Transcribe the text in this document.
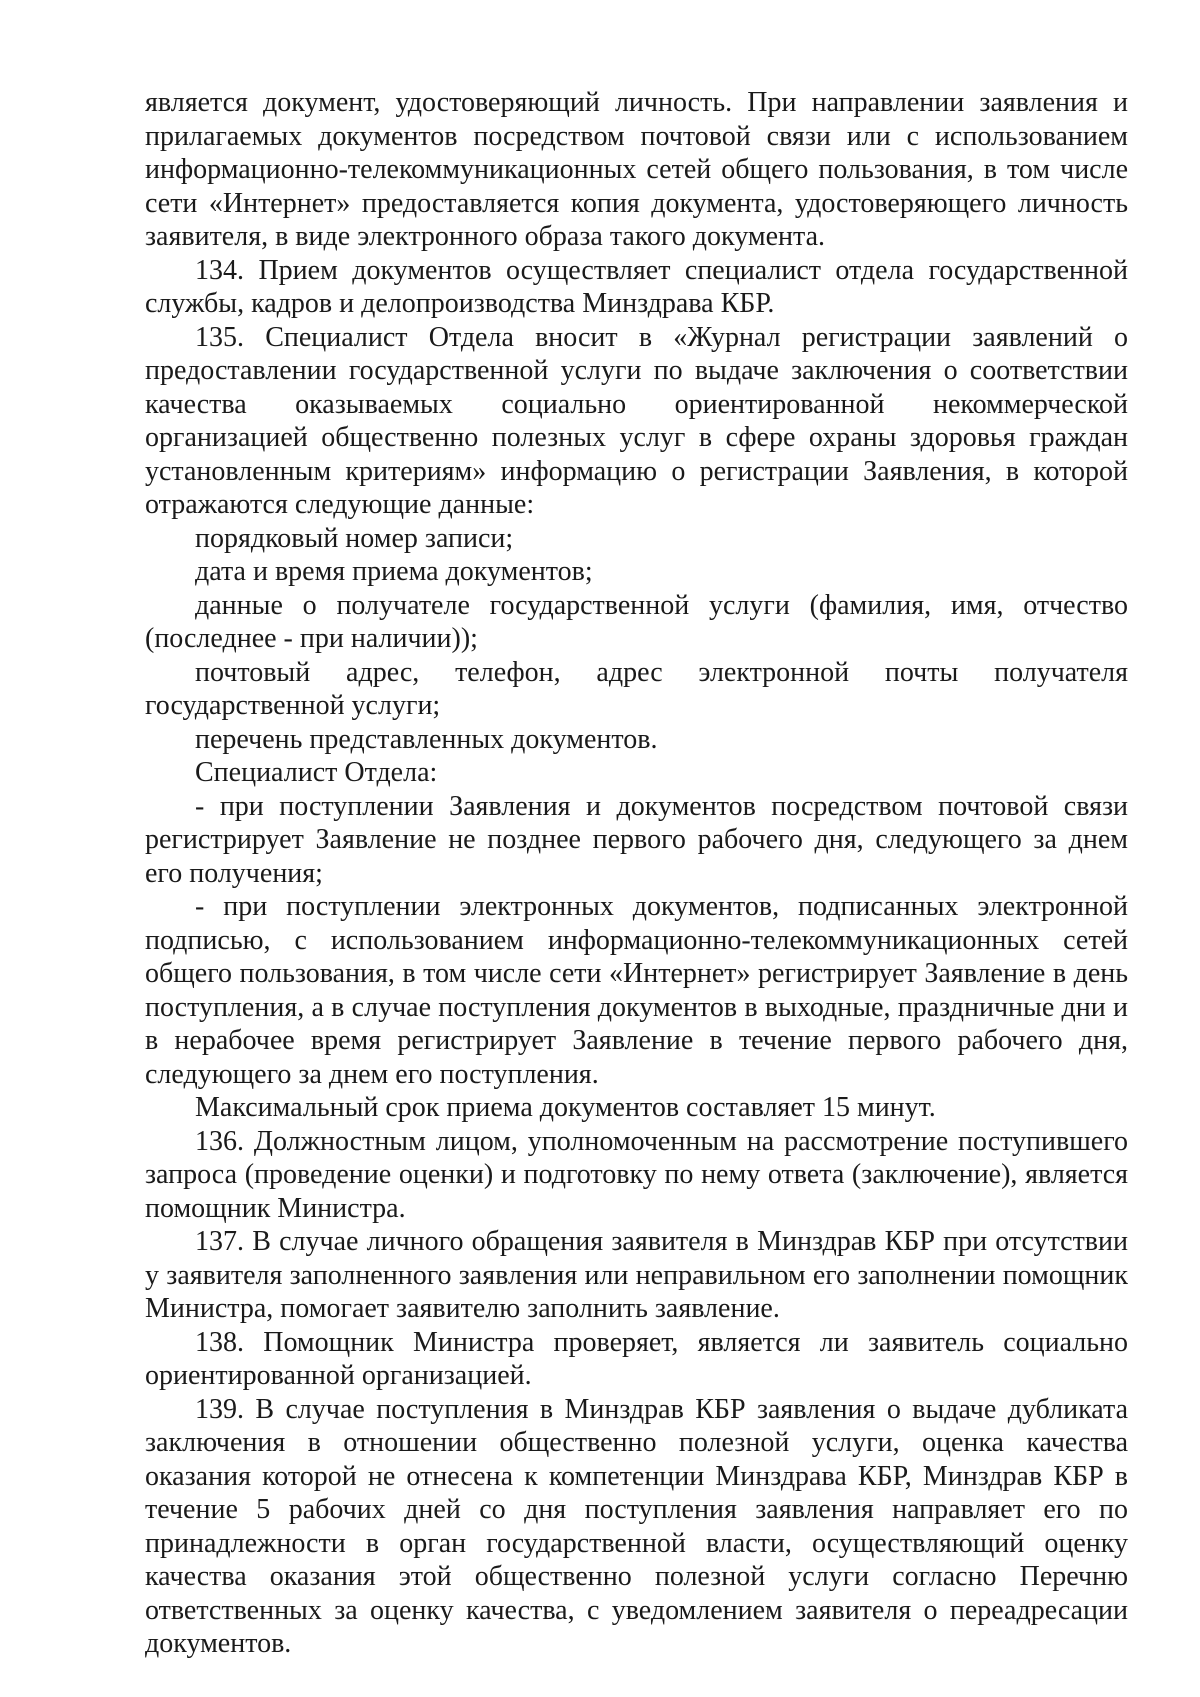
является документ, удостоверяющий личность. При направлении заявления и прилагаемых документов посредством почтовой связи или с использованием информационно-телекоммуникационных сетей общего пользования, в том числе сети «Интернет» предоставляется копия документа, удостоверяющего личность заявителя, в виде электронного образа такого документа.

134. Прием документов осуществляет специалист отдела государственной службы, кадров и делопроизводства Минздрава КБР.

135. Специалист Отдела вносит в «Журнал регистрации заявлений о предоставлении государственной услуги по выдаче заключения о соответствии качества оказываемых социально ориентированной некоммерческой организацией общественно полезных услуг в сфере охраны здоровья граждан установленным критериям» информацию о регистрации Заявления, в которой отражаются следующие данные:

порядковый номер записи;

дата и время приема документов;

данные о получателе государственной услуги (фамилия, имя, отчество (последнее - при наличии));

почтовый адрес, телефон, адрес электронной почты получателя государственной услуги;

перечень представленных документов.

Специалист Отдела:

- при поступлении Заявления и документов посредством почтовой связи регистрирует Заявление не позднее первого рабочего дня, следующего за днем его получения;

- при поступлении электронных документов, подписанных электронной подписью, с использованием информационно-телекоммуникационных сетей общего пользования, в том числе сети «Интернет» регистрирует Заявление в день поступления, а в случае поступления документов в выходные, праздничные дни и в нерабочее время регистрирует Заявление в течение первого рабочего дня, следующего за днем его поступления.

Максимальный срок приема документов составляет 15 минут.

136. Должностным лицом, уполномоченным на рассмотрение поступившего запроса (проведение оценки) и подготовку по нему ответа (заключение), является помощник Министра.

137. В случае личного обращения заявителя в Минздрав КБР при отсутствии у заявителя заполненного заявления или неправильном его заполнении помощник Министра, помогает заявителю заполнить заявление.

138. Помощник Министра проверяет, является ли заявитель социально ориентированной организацией.

139. В случае поступления в Минздрав КБР заявления о выдаче дубликата заключения в отношении общественно полезной услуги, оценка качества оказания которой не отнесена к компетенции Минздрава КБР, Минздрав КБР в течение 5 рабочих дней со дня поступления заявления направляет его по принадлежности в орган государственной власти, осуществляющий оценку качества оказания этой общественно полезной услуги согласно Перечню ответственных за оценку качества, с уведомлением заявителя о переадресации документов.
